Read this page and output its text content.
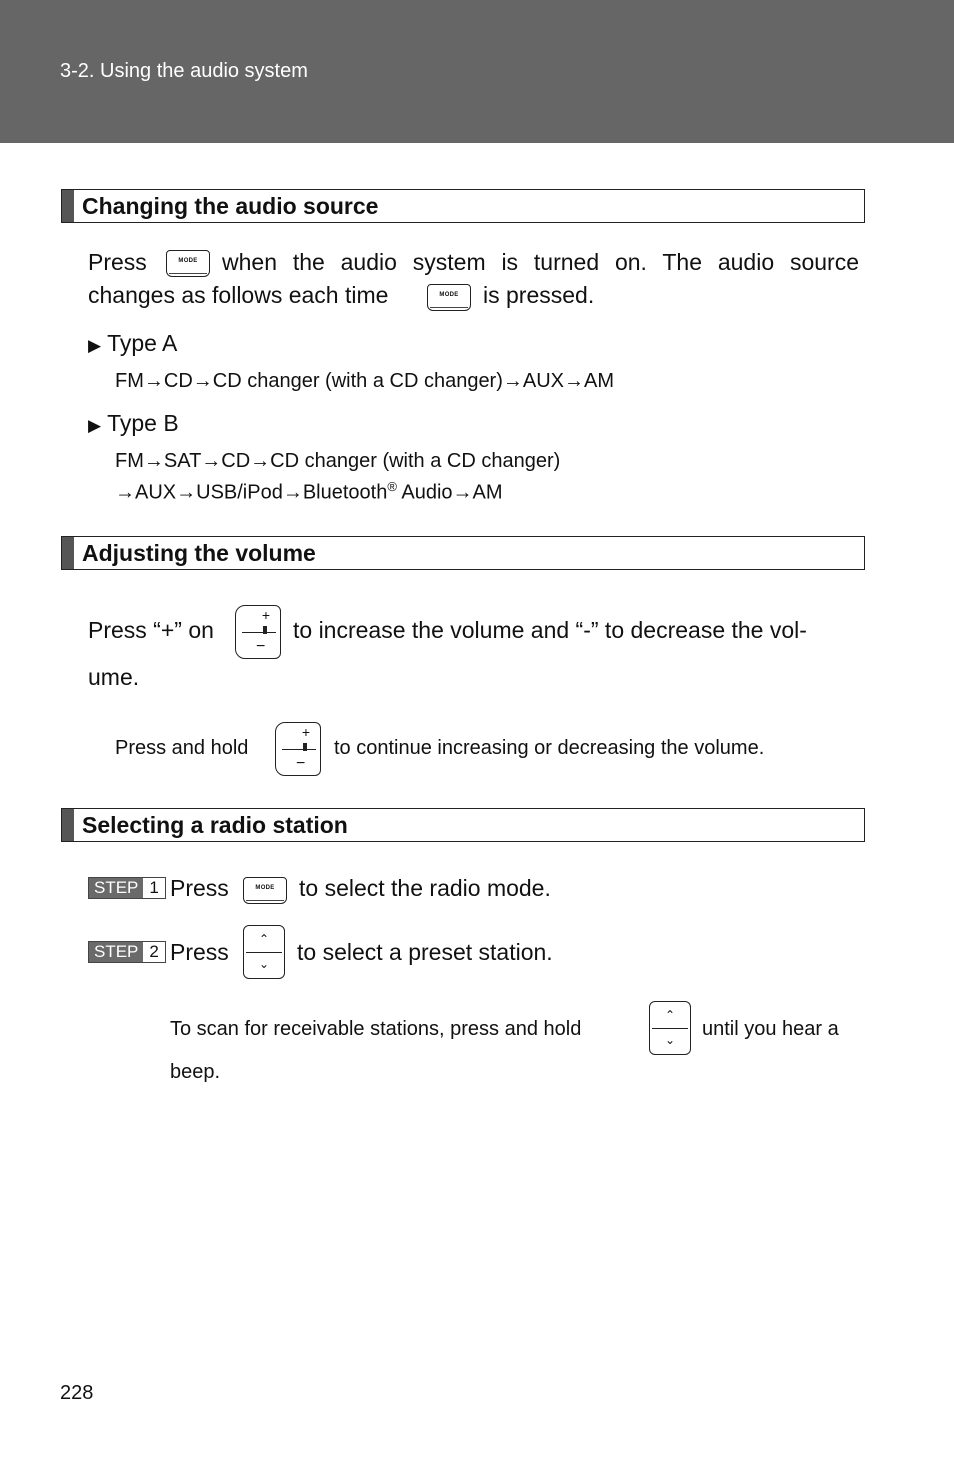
3-2. Using the audio system
Changing the audio source
Press	MODE	when the audio system is turned on. The audio source
changes as follows each time	MODE	is pressed.
▶ Type A
FM→CD→CD changer (with a CD changer)→AUX→AM
▶ Type B
FM→SAT→CD→CD changer (with a CD changer)
→AUX→USB/iPod→Bluetooth® Audio→AM
Adjusting the volume
Press “+” on
+
−
to increase the volume and “-” to decrease the vol-
ume.
Press and hold
+
−
to continue increasing or decreasing the volume.
Selecting a radio station
STEP 1 Press	MODE	to select the radio mode.
STEP 2 Press	⌃
⌄	to select a preset station.
To scan for receivable stations, press and hold
⌃
⌄	until you hear a
beep.
228
